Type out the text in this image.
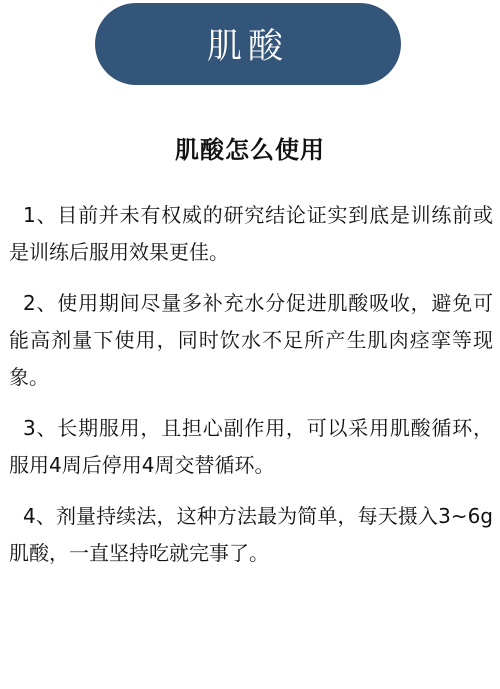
肌酸
肌酸怎么使用

1、目前并未有权威的研究结论证实到底是训练前或是训练后服用效果更佳。

2、使用期间尽量多补充水分促进肌酸吸收，避免可能高剂量下使用，同时饮水不足所产生肌肉痉挛等现象。

3、长期服用，且担心副作用，可以采用肌酸循环，服用4周后停用4周交替循环。

4、剂量持续法，这种方法最为简单，每天摄入3~6g肌酸，一直坚持吃就完事了。
